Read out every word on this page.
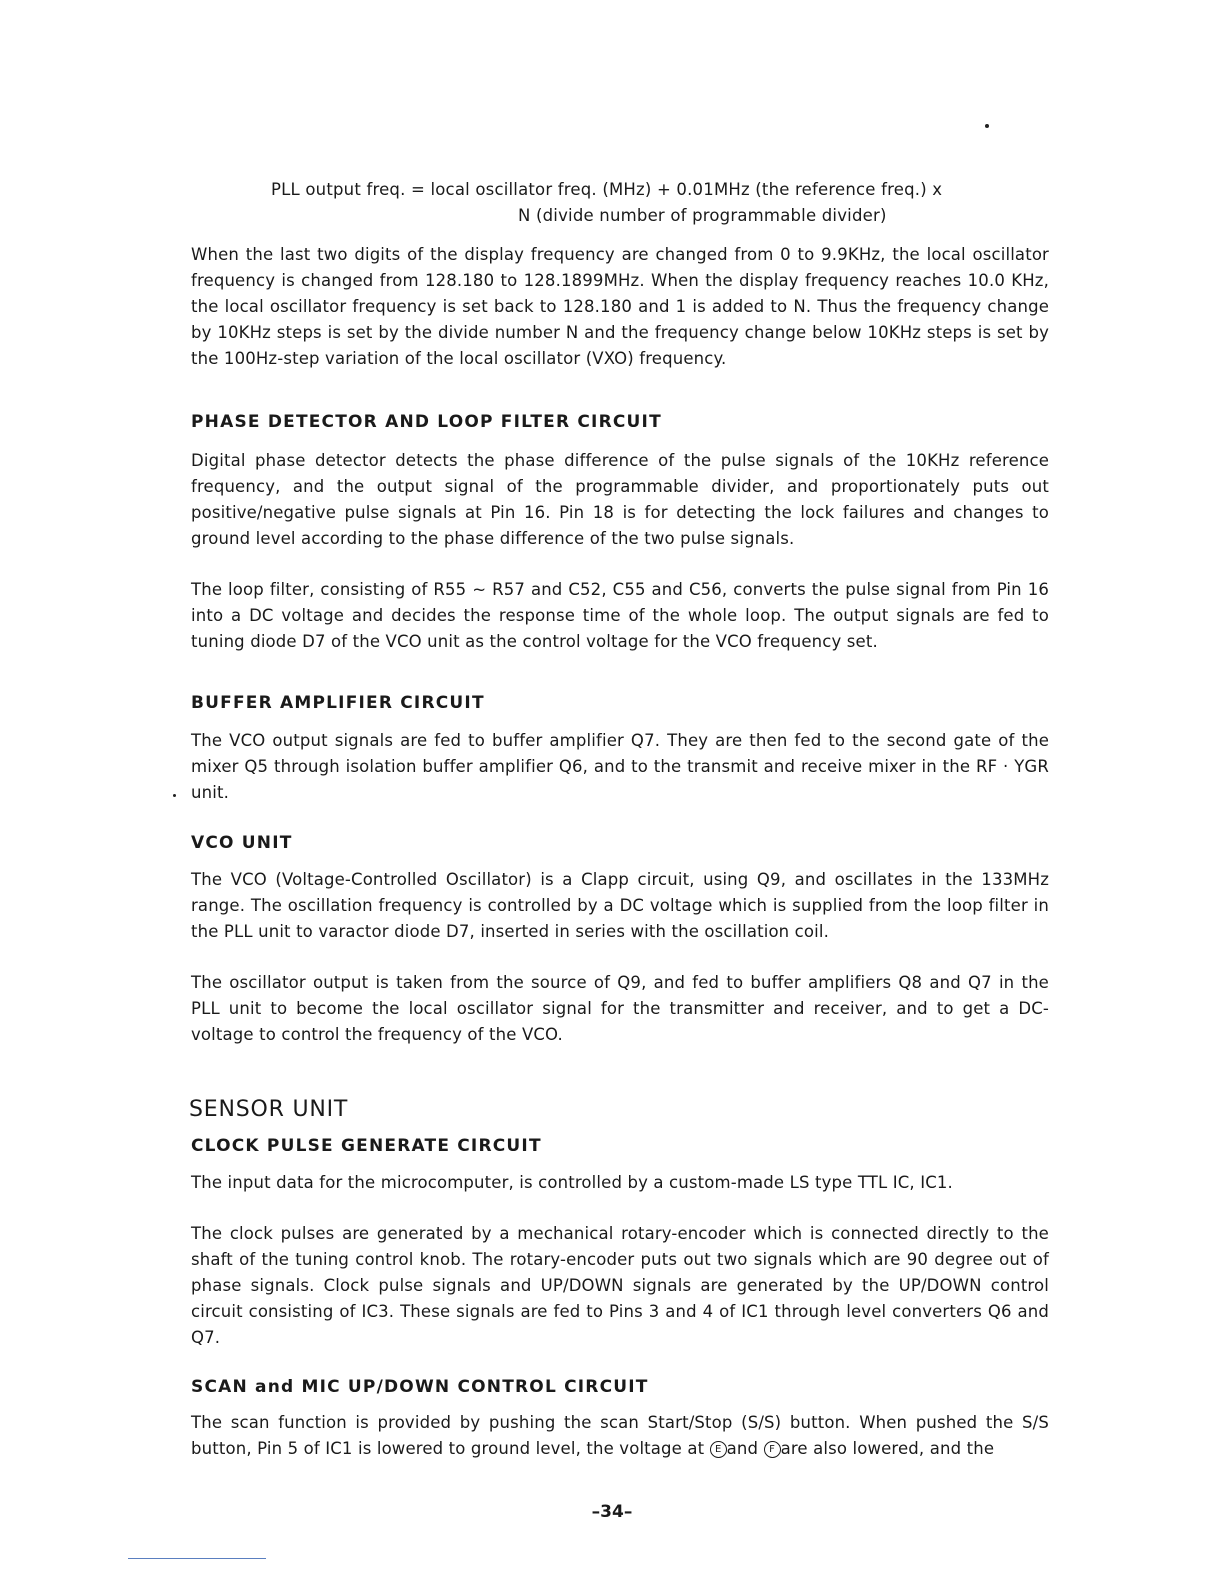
PLL output freq. = local oscillator freq. (MHz) + 0.01MHz (the reference freq.) x
N (divide number of programmable divider)

When the last two digits of the display frequency are changed from 0 to 9.9KHz, the local oscillator frequency is changed from 128.180 to 128.1899MHz. When the display frequency reaches 10.0 KHz, the local oscillator frequency is set back to 128.180 and 1 is added to N. Thus the frequency change by 10KHz steps is set by the divide number N and the frequency change below 10KHz steps is set by the 100Hz-step variation of the local oscillator (VXO) frequency.

PHASE DETECTOR AND LOOP FILTER CIRCUIT

Digital phase detector detects the phase difference of the pulse signals of the 10KHz reference frequency, and the output signal of the programmable divider, and proportionately puts out positive/negative pulse signals at Pin 16. Pin 18 is for detecting the lock failures and changes to ground level according to the phase difference of the two pulse signals.

The loop filter, consisting of R55 ~ R57 and C52, C55 and C56, converts the pulse signal from Pin 16 into a DC voltage and decides the response time of the whole loop. The output signals are fed to tuning diode D7 of the VCO unit as the control voltage for the VCO frequency set.

BUFFER AMPLIFIER CIRCUIT

The VCO output signals are fed to buffer amplifier Q7. They are then fed to the second gate of the mixer Q5 through isolation buffer amplifier Q6, and to the transmit and receive mixer in the RF · YGR unit.

VCO UNIT

The VCO (Voltage-Controlled Oscillator) is a Clapp circuit, using Q9, and oscillates in the 133MHz range. The oscillation frequency is controlled by a DC voltage which is supplied from the loop filter in the PLL unit to varactor diode D7, inserted in series with the oscillation coil.

The oscillator output is taken from the source of Q9, and fed to buffer amplifiers Q8 and Q7 in the PLL unit to become the local oscillator signal for the transmitter and receiver, and to get a DC-voltage to control the frequency of the VCO.

SENSOR UNIT
CLOCK PULSE GENERATE CIRCUIT

The input data for the microcomputer, is controlled by a custom-made LS type TTL IC, IC1.

The clock pulses are generated by a mechanical rotary-encoder which is connected directly to the shaft of the tuning control knob. The rotary-encoder puts out two signals which are 90 degree out of phase signals. Clock pulse signals and UP/DOWN signals are generated by the UP/DOWN control circuit consisting of IC3. These signals are fed to Pins 3 and 4 of IC1 through level converters Q6 and Q7.

SCAN and MIC UP/DOWN CONTROL CIRCUIT

The scan function is provided by pushing the scan Start/Stop (S/S) button. When pushed the S/S button, Pin 5 of IC1 is lowered to ground level, the voltage at E and F are also lowered, and the

–34–
